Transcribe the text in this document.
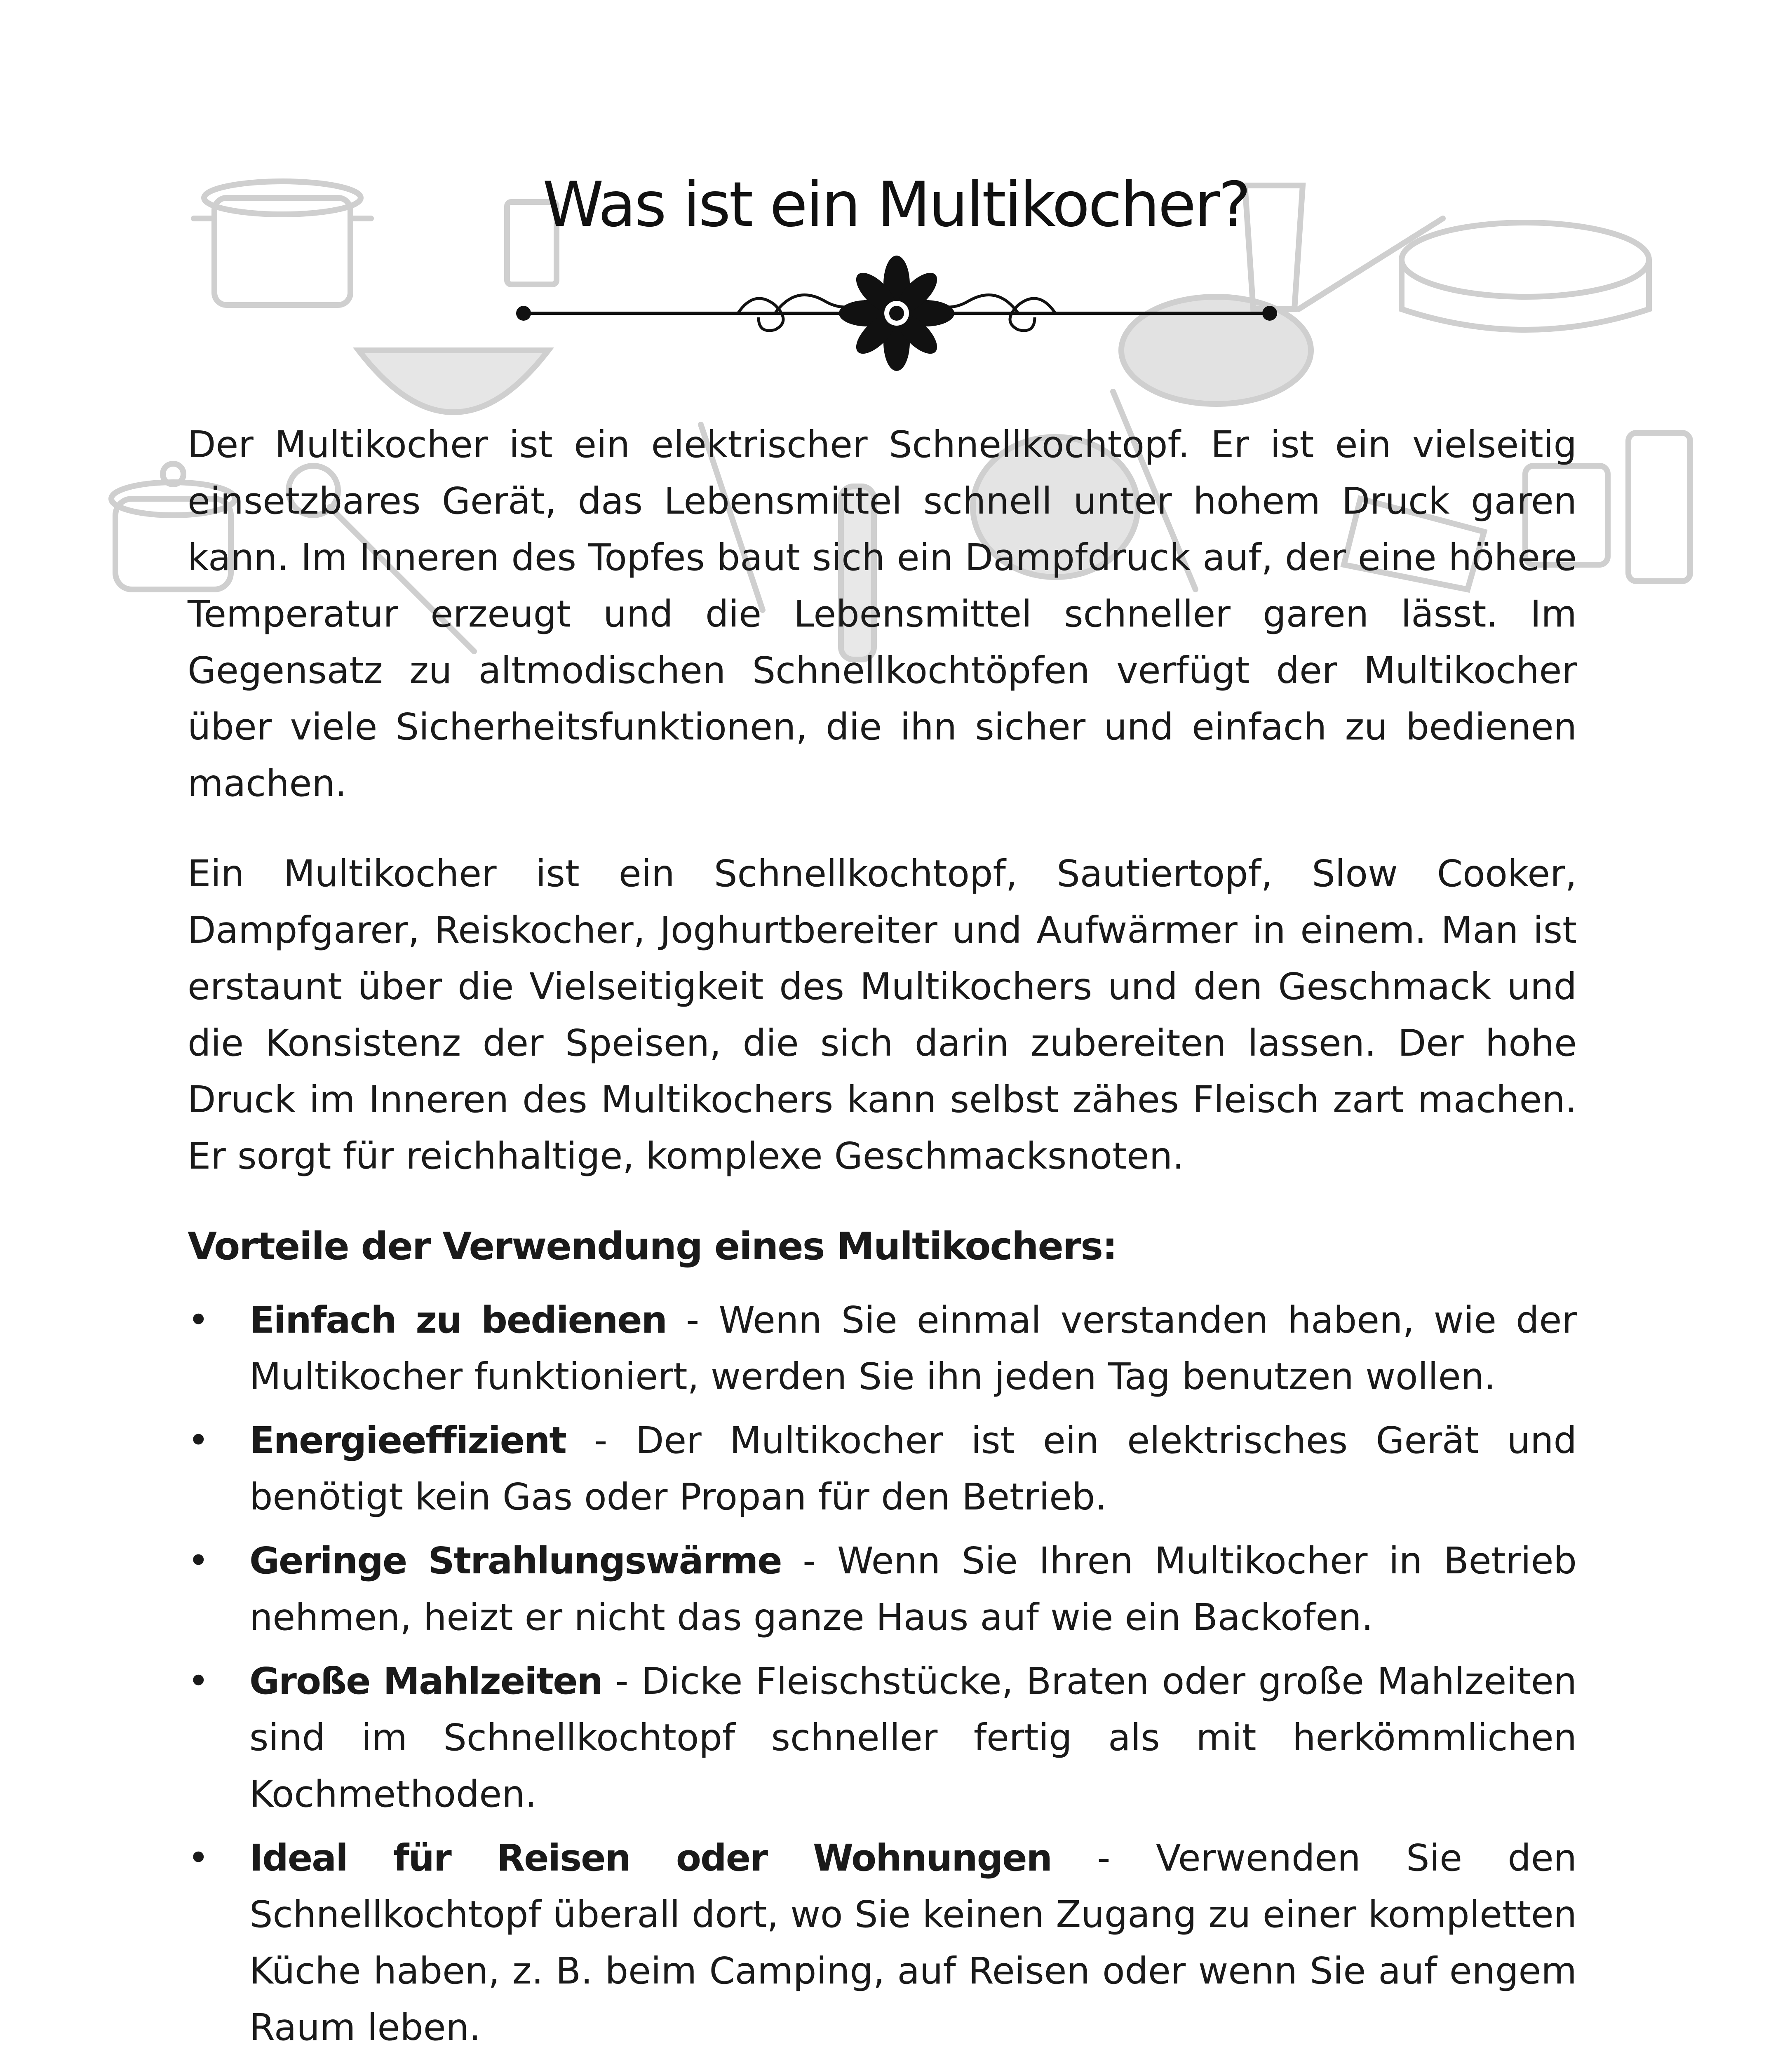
Was ist ein Multikocher?

Der Multikocher ist ein elektrischer Schnellkochtopf. Er ist ein vielseitig einsetzbares Gerät, das Lebensmittel schnell unter hohem Druck garen kann. Im Inneren des Topfes baut sich ein Dampfdruck auf, der eine höhere Temperatur erzeugt und die Lebensmittel schneller garen lässt. Im Gegensatz zu altmodischen Schnellkochtöpfen verfügt der Multikocher über viele Sicherheitsfunktionen, die ihn sicher und einfach zu bedienen machen.

Ein Multikocher ist ein Schnellkochtopf, Sautiertopf, Slow Cooker, Dampfgarer, Reiskocher, Joghurtbereiter und Aufwärmer in einem. Man ist erstaunt über die Vielseitigkeit des Multikochers und den Geschmack und die Konsistenz der Speisen, die sich darin zubereiten lassen. Der hohe Druck im Inneren des Multikochers kann selbst zähes Fleisch zart machen. Er sorgt für reichhaltige, komplexe Geschmacksnoten.

Vorteile der Verwendung eines Multikochers:
• Einfach zu bedienen - Wenn Sie einmal verstanden haben, wie der Multikocher funktioniert, werden Sie ihn jeden Tag benutzen wollen.
• Energieeffizient - Der Multikocher ist ein elektrisches Gerät und benötigt kein Gas oder Propan für den Betrieb.
• Geringe Strahlungswärme - Wenn Sie Ihren Multikocher in Betrieb nehmen, heizt er nicht das ganze Haus auf wie ein Backofen.
• Große Mahlzeiten - Dicke Fleischstücke, Braten oder große Mahlzeiten sind im Schnellkochtopf schneller fertig als mit herkömmlichen Kochmethoden.
• Ideal für Reisen oder Wohnungen - Verwenden Sie den Schnellkochtopf überall dort, wo Sie keinen Zugang zu einer kompletten Küche haben, z. B. beim Camping, auf Reisen oder wenn Sie auf engem Raum leben.
